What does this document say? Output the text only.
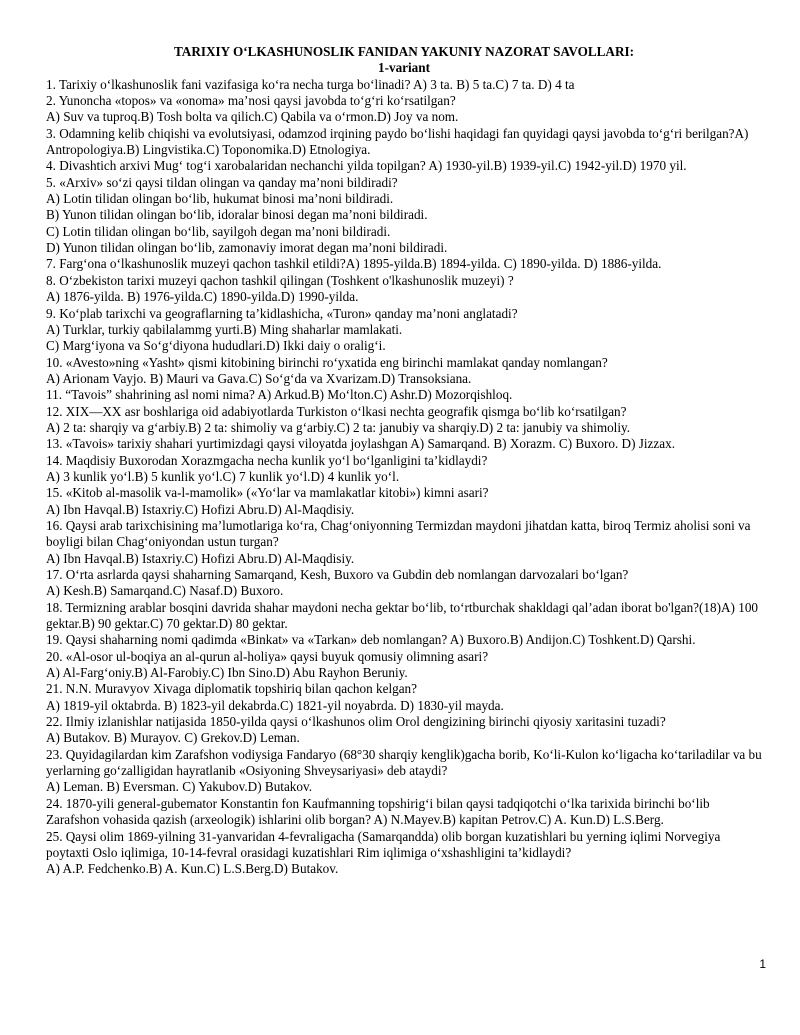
TARIXIY O‘LKASHUNOSLIK FANIDAN YAKUNIY NAZORAT SAVOLLARI:

1-variant

1. Tarixiy o‘lkashunoslik fani vazifasiga ko‘ra necha turga bo‘linadi? A) 3 ta. B) 5 ta.C) 7 ta. D) 4 ta

2. Yunoncha «topos» va «onoma» ma’nosi qaysi javobda to‘g‘ri ko‘rsatilgan?

A) Suv va tuproq.B) Tosh bolta va qilich.C) Qabila va o‘rmon.D) Joy va nom.

3. Odamning kelib chiqishi va evolutsiyasi, odamzod irqining paydo bo‘lishi haqidagi fan quyidagi qaysi javobda to‘g‘ri berilgan?A) Antropologiya.B) Lingvistika.C) Toponomika.D) Etnologiya.

4. Divashtich arxivi Mug‘ tog‘i xarobalaridan nechanchi yilda topilgan? A) 1930-yil.B) 1939-yil.C) 1942-yil.D) 1970 yil.

5. «Arxiv» so‘zi qaysi tildan olingan va qanday ma’noni bildiradi?

A) Lotin tilidan olingan bo‘lib, hukumat binosi ma’noni bildiradi.

B) Yunon tilidan olingan bo‘lib, idoralar binosi degan ma’noni bildiradi.

C) Lotin tilidan olingan bo‘lib, sayilgoh degan ma’noni bildiradi.

D) Yunon tilidan olingan bo‘lib, zamonaviy imorat degan ma’noni bildiradi.

7. Farg‘ona o‘lkashunoslik muzeyi qachon tashkil etildi?A) 1895-yilda.B) 1894-yilda. C) 1890-yilda. D) 1886-yilda.

8. O‘zbekiston tarixi muzeyi qachon tashkil qilingan (Toshkent o'lkashunoslik muzeyi) ?

A) 1876-yilda. B) 1976-yilda.C) 1890-yilda.D) 1990-yilda.

9. Ko‘plab tarixchi va geograflarning ta’kidlashicha, «Turon» qanday ma’noni anglatadi?

A) Turklar, turkiy qabilalammg yurti.B) Ming shaharlar mamlakati.

C) Marg‘iyona va So‘g‘diyona hududlari.D) Ikki daiy o oralig‘i.

10. «Avesto»ning «Yasht» qismi kitobining birinchi ro‘yxatida eng birinchi mamlakat qanday nomlangan?

A) Arionam Vayjo. B) Mauri va Gava.C) So‘g‘da va Xvarizam.D) Transoksiana.

11. “Tavois” shahrining asl nomi nima? A) Arkud.B) Mo‘lton.C) Ashr.D) Mozorqishloq.

12. XIX—XX asr boshlariga oid adabiyotlarda Turkiston o‘lkasi nechta geografik qismga bo‘lib ko‘rsatilgan?

A) 2 ta: sharqiy va g‘arbiy.B) 2 ta: shimoliy va g‘arbiy.C) 2 ta: janubiy va sharqiy.D) 2 ta: janubiy va shimoliy.

13. «Tavois» tarixiy shahari yurtimizdagi qaysi viloyatda joylashgan A) Samarqand. B) Xorazm. C) Buxoro. D) Jizzax.

14. Maqdisiy Buxorodan Xorazmgacha necha kunlik yo‘l bo‘lganligini ta’kidlaydi?

A) 3 kunlik yo‘l.B) 5 kunlik yo‘l.C) 7 kunlik yo‘l.D) 4 kunlik yo‘l.

15. «Kitob al-masolik va-l-mamolik» («Yo‘lar va mamlakatlar kitobi») kimni asari?

A) Ibn Havqal.B) Istaxriy.C) Hofizi Abru.D) Al-Maqdisiy.

16. Qaysi arab tarixchisining ma’lumotlariga ko‘ra, Chag‘oniyonning Termizdan maydoni jihatdan katta, biroq Termiz aholisi soni va boyligi bilan Chag‘oniyondan ustun turgan?

A) Ibn Havqal.B) Istaxriy.C) Hofizi Abru.D) Al-Maqdisiy.

17. O‘rta asrlarda qaysi shaharning Samarqand, Kesh, Buxoro va Gubdin deb nomlangan darvozalari bo‘lgan?

A) Kesh.B) Samarqand.C) Nasaf.D) Buxoro.

18. Termizning arablar bosqini davrida shahar maydoni necha gektar bo‘lib, to‘rtburchak shakldagi qal’adan iborat bo'lgan?(18)A) 100 gektar.B) 90 gektar.C) 70 gektar.D) 80 gektar.

19. Qaysi shaharning nomi qadimda «Binkat» va «Tarkan» deb nomlangan? A) Buxoro.B) Andijon.C) Toshkent.D) Qarshi.

20. «Al-osor ul-boqiya an al-qurun al-holiya» qaysi buyuk qomusiy olimning asari?

A) Al-Farg‘oniy.B) Al-Farobiy.C) Ibn Sino.D) Abu Rayhon Beruniy.

21. N.N. Muravyov Xivaga diplomatik topshiriq bilan qachon kelgan?

A) 1819-yil oktabrda. B) 1823-yil dekabrda.C) 1821-yil noyabrda. D) 1830-yil mayda.

22. Ilmiy izlanishlar natijasida 1850-yilda qaysi o‘lkashunos olim Orol dengizining birinchi qiyosiy xaritasini tuzadi?

A) Butakov. B) Murayov. C) Grekov.D) Leman.

23. Quyidagilardan kim Zarafshon vodiysiga Fandaryo (68°30 sharqiy kenglik)gacha borib, Ko‘li-Kulon ko‘ligacha ko‘tariladilar va bu yerlarning go‘zalligidan hayratlanib «Osiyoning Shveysariyasi» deb ataydi?

A) Leman. B) Eversman. C) Yakubov.D) Butakov.

24. 1870-yili general-gubemator Konstantin fon Kaufmanning topshirig‘i bilan qaysi tadqiqotchi o‘lka tarixida birinchi bo‘lib Zarafshon vohasida qazish (arxeologik) ishlarini olib borgan? A) N.Mayev.B) kapitan Petrov.C) A. Kun.D) L.S.Berg.

25. Qaysi olim 1869-yilning 31-yanvaridan 4-fevraligacha (Samarqandda) olib borgan kuzatishlari bu yerning iqlimi Norvegiya poytaxti Oslo iqlimiga, 10-14-fevral orasidagi kuzatishlari Rim iqlimiga o‘xshashligini ta’kidlaydi?

A) A.P. Fedchenko.B) A. Kun.C) L.S.Berg.D) Butakov.

1
